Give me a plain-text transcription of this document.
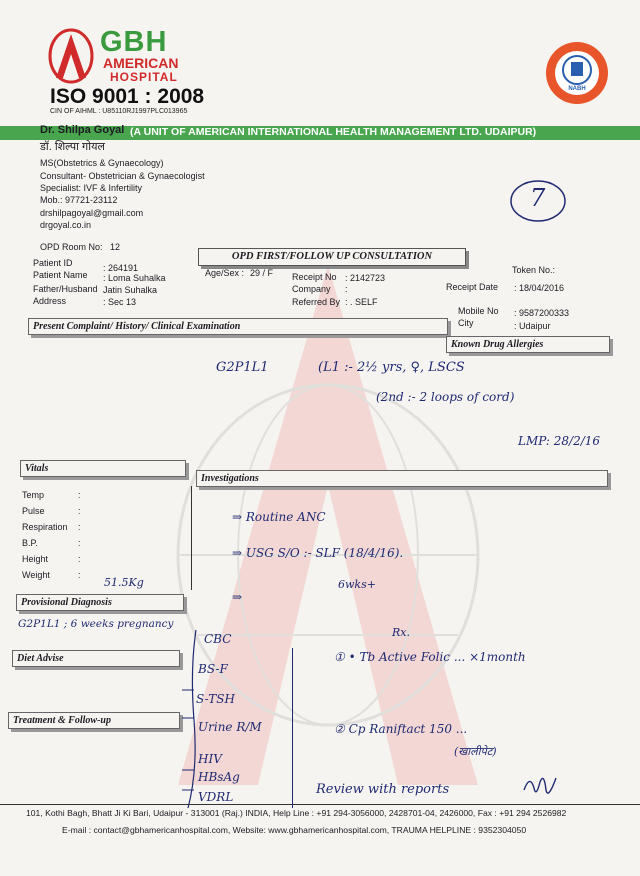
GBH
AMERICAN
HOSPITAL
ISO 9001 : 2008
CIN OF AIHML : U85110RJ1997PLC013965
NABH
(A UNIT OF AMERICAN INTERNATIONAL HEALTH MANAGEMENT LTD. UDAIPUR)
Dr. Shilpa Goyal
डॉ. शिल्पा गोयल
MS(Obstetrics & Gynaecology)
Consultant- Obstetrician & Gynaecologist
Specialist: IVF & Infertility
Mob.: 97721-23112
drshilpagoyal@gmail.com
drgoyal.co.in
7
OPD Room No: 12
OPD FIRST/FOLLOW UP CONSULTATION
Token No.:
Patient ID	: 264191
Patient Name : Loma Suhalka
Father/Husband Jatin Suhalka
Address	: Sec 13
Age/Sex : 29 / F Receipt No : 2142723
Company :
Referred By : . SELF
Receipt Date : 18/04/2016
Mobile No : 9587200333
City	: Udaipur
Present Complaint/ History/ Clinical Examination
Known Drug Allergies
Vitals
Investigations
Provisional Diagnosis
Diet Advise
Treatment & Follow-up
Temp	:
Pulse	:
Respiration :
B.P.	:
Height	:
Weight	:
G2P1L1	(L1 :- 2½ yrs, ♀, LSCS
(2nd :- 2 loops of cord)
LMP: 28/2/16
⇒ Routine ANC
⇒ USG S/O :- SLF (18/4/16).
6wks+
⇒
51.5Kg
G2P1L1 ; 6 weeks pregnancy
CBC
BS-F
S-TSH
Urine R/M
HIV
HBsAg
VDRL
Rx.
① • Tb Active Folic ... ×1month
② Cp Raniftact 150 ...
(खालीपेट)
Review with reports
101, Kothi Bagh, Bhatt Ji Ki Bari, Udaipur - 313001 (Raj.) INDIA, Help Line : +91 294-3056000, 2428701-04, 2426000, Fax : +91 294 2526982
E-mail : contact@gbhamericanhospital.com, Website: www.gbhamericanhospital.com, TRAUMA HELPLINE : 9352304050
